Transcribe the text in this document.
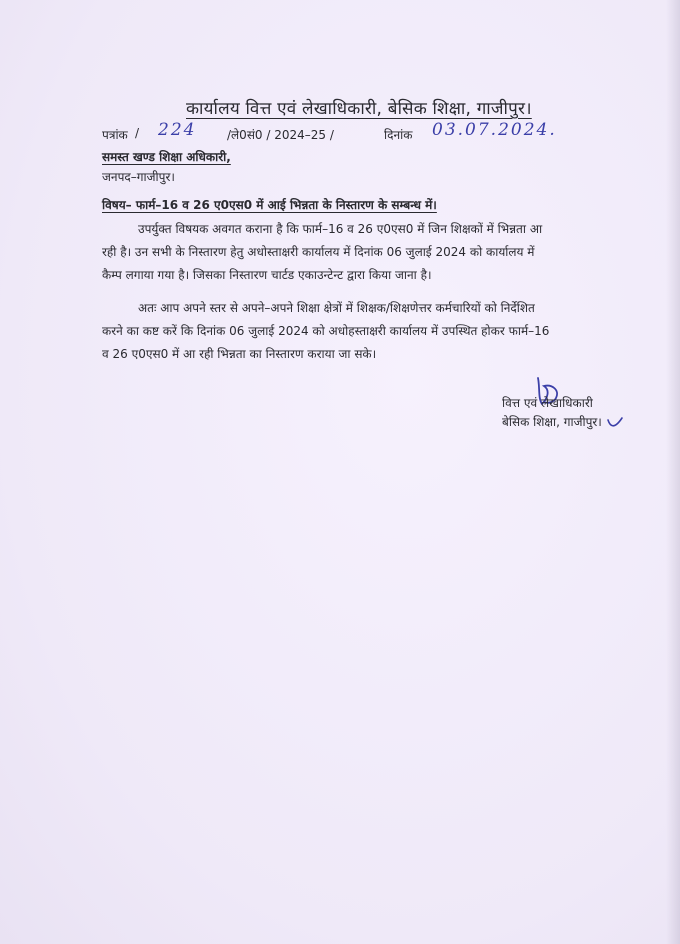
कार्यालय वित्त एवं लेखाधिकारी, बेसिक शिक्षा, गाजीपुर।
पत्रांक / 224	/ले0सं0 / 2024–25 /	दिनांक 03.07.2024.
समस्त खण्ड शिक्षा अधिकारी,
जनपद–गाजीपुर।
विषय– फार्म–16 व 26 ए0एस0 में आई भिन्नता के निस्तारण के सम्बन्ध में।
उपर्युक्त विषयक अवगत कराना है कि फार्म–16 व 26 ए0एस0 में जिन शिक्षकों में भिन्नता आ
रही है। उन सभी के निस्तारण हेतु अधोस्ताक्षरी कार्यालय में दिनांक 06 जुलाई 2024 को कार्यालय में
कैम्प लगाया गया है। जिसका निस्तारण चार्टड एकाउन्टेन्ट द्वारा किया जाना है।
अतः आप अपने स्तर से अपने–अपने शिक्षा क्षेत्रों में शिक्षक/शिक्षणेत्तर कर्मचारियों को निर्देशित
करने का कष्ट करें कि दिनांक 06 जुलाई 2024 को अधोहस्ताक्षरी कार्यालय में उपस्थित होकर फार्म–16
व 26 ए0एस0 में आ रही भिन्नता का निस्तारण कराया जा सके।
वित्त एवं लेखाधिकारी
बेसिक शिक्षा, गाजीपुर।
